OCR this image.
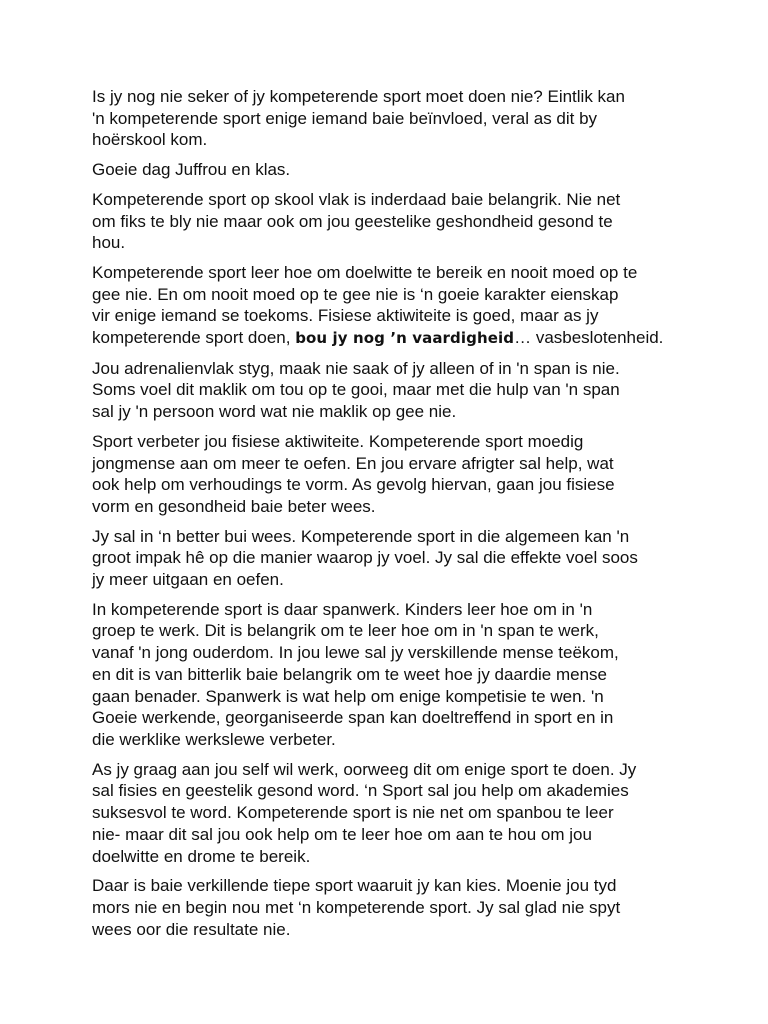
Is jy nog nie seker of jy kompeterende sport moet doen nie? Eintlik kan
'n kompeterende sport enige iemand baie beïnvloed, veral as dit by
hoërskool kom.

Goeie dag Juffrou en klas.

Kompeterende sport op skool vlak is inderdaad baie belangrik. Nie net
om fiks te bly nie maar ook om jou geestelike geshondheid gesond te
hou.

Kompeterende sport leer hoe om doelwitte te bereik en nooit moed op te
gee nie. En om nooit moed op te gee nie is ‘n goeie karakter eienskap
vir enige iemand se toekoms. Fisiese aktiwiteite is goed, maar as jy
kompeterende sport doen, bou jy nog ’n vaardigheid… vasbeslotenheid.

Jou adrenalienvlak styg, maak nie saak of jy alleen of in 'n span is nie.
Soms voel dit maklik om tou op te gooi, maar met die hulp van 'n span
sal jy 'n persoon word wat nie maklik op gee nie.

Sport verbeter jou fisiese aktiwiteite. Kompeterende sport moedig
jongmense aan om meer te oefen. En jou ervare afrigter sal help, wat
ook help om verhoudings te vorm. As gevolg hiervan, gaan jou fisiese
vorm en gesondheid baie beter wees.

Jy sal in ‘n better bui wees. Kompeterende sport in die algemeen kan 'n
groot impak hê op die manier waarop jy voel. Jy sal die effekte voel soos
jy meer uitgaan en oefen.

In kompeterende sport is daar spanwerk. Kinders leer hoe om in 'n
groep te werk. Dit is belangrik om te leer hoe om in 'n span te werk,
vanaf 'n jong ouderdom. In jou lewe sal jy verskillende mense teëkom,
en dit is van bitterlik baie belangrik om te weet hoe jy daardie mense
gaan benader. Spanwerk is wat help om enige kompetisie te wen. 'n
Goeie werkende, georganiseerde span kan doeltreffend in sport en in
die werklike werkslewe verbeter.

As jy graag aan jou self wil werk, oorweeg dit om enige sport te doen. Jy
sal fisies en geestelik gesond word. ‘n Sport sal jou help om akademies
suksesvol te word. Kompeterende sport is nie net om spanbou te leer
nie- maar dit sal jou ook help om te leer hoe om aan te hou om jou
doelwitte en drome te bereik.

Daar is baie verkillende tiepe sport waaruit jy kan kies. Moenie jou tyd
mors nie en begin nou met ‘n kompeterende sport. Jy sal glad nie spyt
wees oor die resultate nie.
